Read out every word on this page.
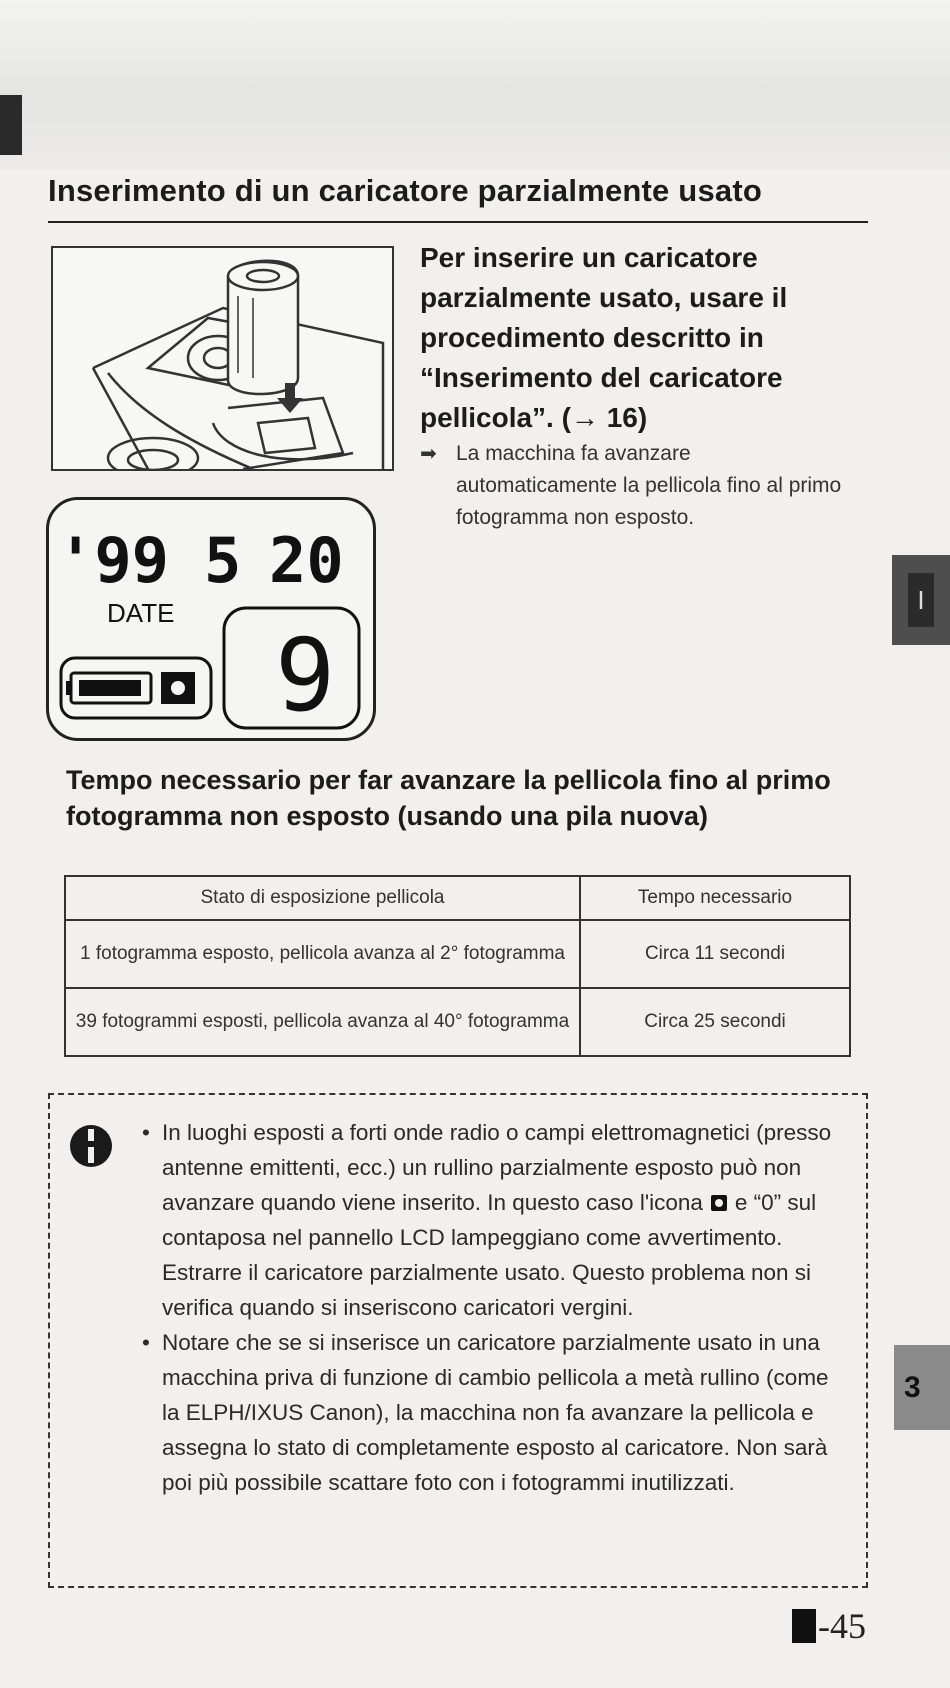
I
3
Inserimento di un caricatore parzialmente usato
'99 5 20
DATE
9

Per inserire un caricatore parzialmente usato, usare il procedimento descritto in “Inserimento del caricatore pellicola”. (→ 16)

➡ La macchina fa avanzare automaticamente la pellicola fino al primo fotogramma non esposto.
Tempo necessario per far avanzare la pellicola fino al primo fotogramma non esposto (usando una pila nuova)
Stato di esposizione pellicola	Tempo necessario
1 fotogramma esposto, pellicola avanza al 2° fotogramma	Circa 11 secondi
39 fotogrammi esposti, pellicola avanza al 40° fotogramma	Circa 25 secondi
• In luoghi esposti a forti onde radio o campi elettromagnetici (presso antenne emittenti, ecc.) un rullino parzialmente esposto può non avanzare quando viene inserito. In questo caso l'icona e “0” sul contaposa nel pannello LCD lampeggiano come avvertimento. Estrarre il caricatore parzialmente usato. Questo problema non si verifica quando si inseriscono caricatori vergini.
• Notare che se si inserisce un caricatore parzialmente usato in una macchina priva di funzione di cambio pellicola a metà rullino (come la ELPH/IXUS Canon), la macchina non fa avanzare la pellicola e assegna lo stato di completamente esposto al caricatore. Non sarà poi più possibile scattare foto con i fotogrammi inutilizzati.
-45
